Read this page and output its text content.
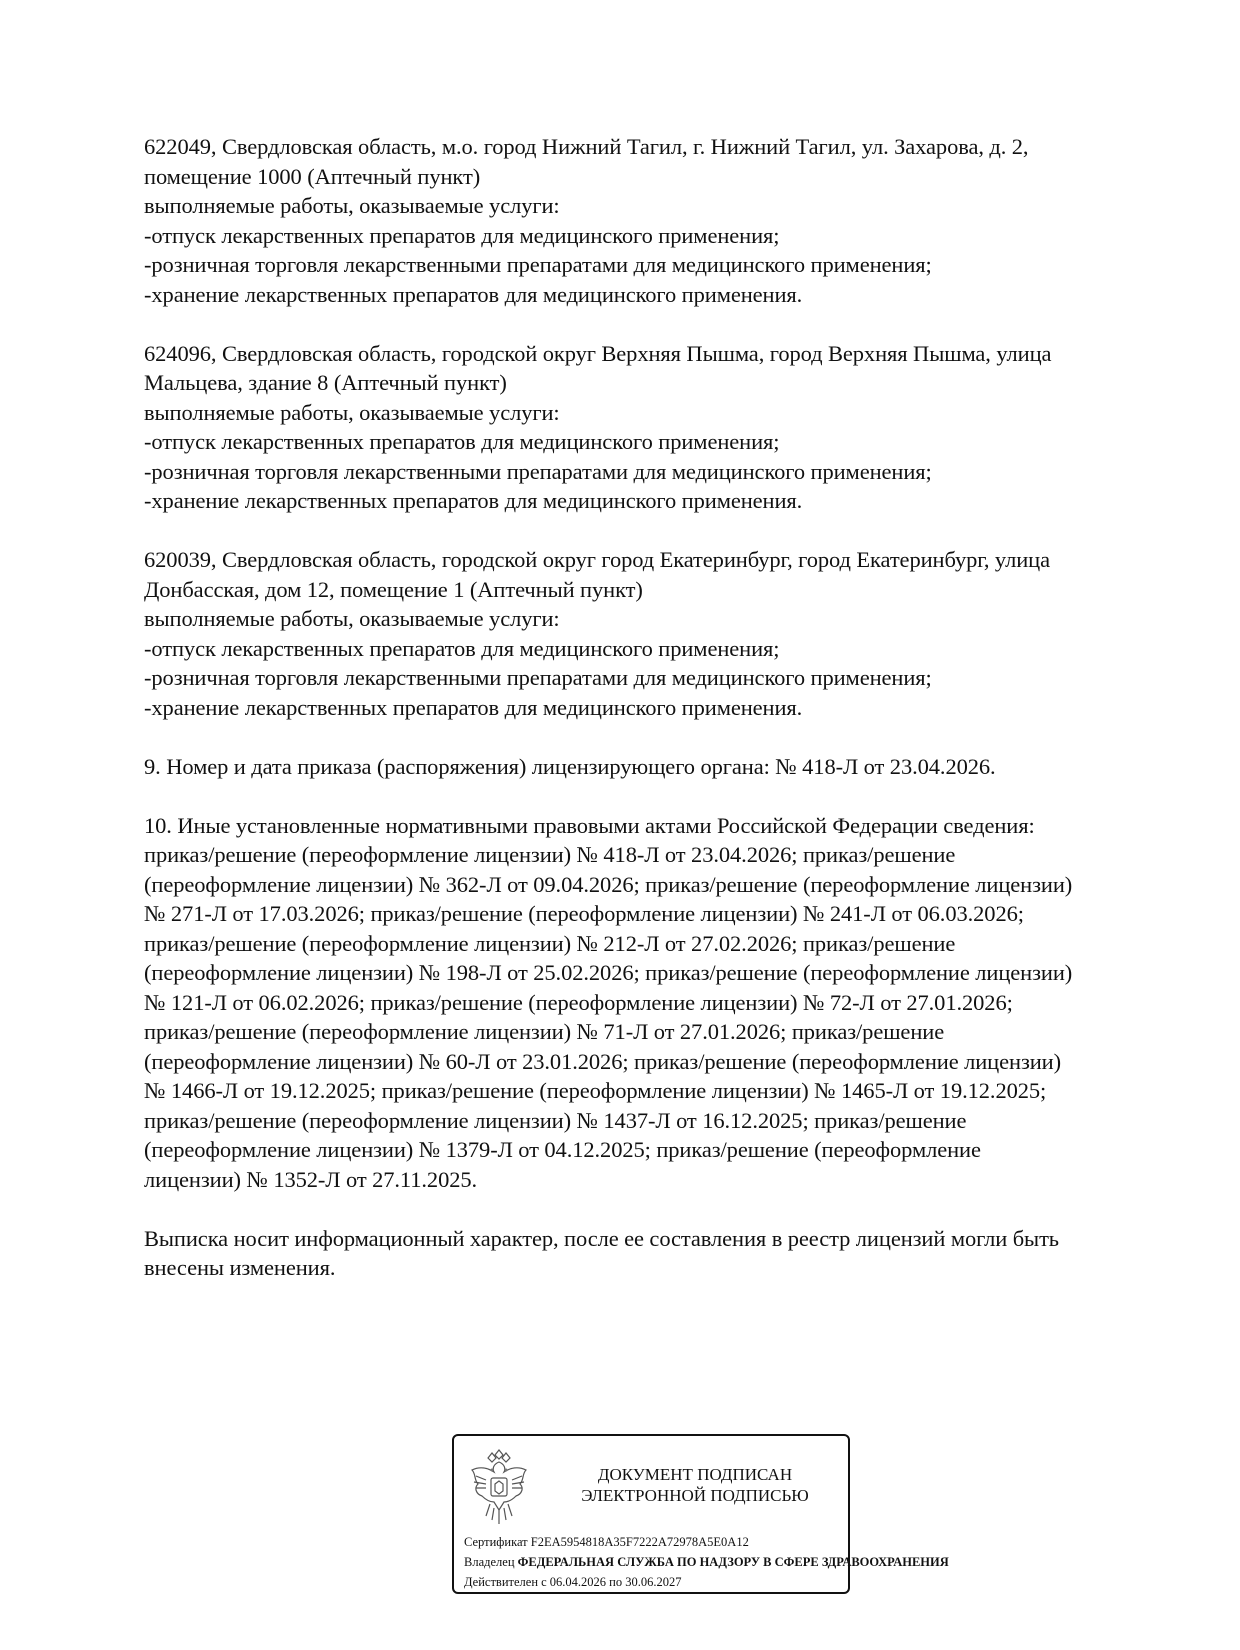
622049, Свердловская область, м.о. город Нижний Тагил, г. Нижний Тагил, ул. Захарова, д. 2,
помещение 1000 (Аптечный пункт)
выполняемые работы, оказываемые услуги:
-отпуск лекарственных препаратов для медицинского применения;
-розничная торговля лекарственными препаратами для медицинского применения;
-хранение лекарственных препаратов для медицинского применения.
624096, Свердловская область, городской округ Верхняя Пышма, город Верхняя Пышма, улица
Мальцева, здание 8 (Аптечный пункт)
выполняемые работы, оказываемые услуги:
-отпуск лекарственных препаратов для медицинского применения;
-розничная торговля лекарственными препаратами для медицинского применения;
-хранение лекарственных препаратов для медицинского применения.
620039, Свердловская область, городской округ город Екатеринбург, город Екатеринбург, улица
Донбасская, дом 12, помещение 1 (Аптечный пункт)
выполняемые работы, оказываемые услуги:
-отпуск лекарственных препаратов для медицинского применения;
-розничная торговля лекарственными препаратами для медицинского применения;
-хранение лекарственных препаратов для медицинского применения.
9. Номер и дата приказа (распоряжения) лицензирующего органа: № 418-Л от 23.04.2026.
10. Иные установленные нормативными правовыми актами Российской Федерации сведения:
приказ/решение (переоформление лицензии) № 418-Л от 23.04.2026; приказ/решение
(переоформление лицензии) № 362-Л от 09.04.2026; приказ/решение (переоформление лицензии)
№ 271-Л от 17.03.2026; приказ/решение (переоформление лицензии) № 241-Л от 06.03.2026;
приказ/решение (переоформление лицензии) № 212-Л от 27.02.2026; приказ/решение
(переоформление лицензии) № 198-Л от 25.02.2026; приказ/решение (переоформление лицензии)
№ 121-Л от 06.02.2026; приказ/решение (переоформление лицензии) № 72-Л от 27.01.2026;
приказ/решение (переоформление лицензии) № 71-Л от 27.01.2026; приказ/решение
(переоформление лицензии) № 60-Л от 23.01.2026; приказ/решение (переоформление лицензии)
№ 1466-Л от 19.12.2025; приказ/решение (переоформление лицензии) № 1465-Л от 19.12.2025;
приказ/решение (переоформление лицензии) № 1437-Л от 16.12.2025; приказ/решение
(переоформление лицензии) № 1379-Л от 04.12.2025; приказ/решение (переоформление
лицензии) № 1352-Л от 27.11.2025.
Выписка носит информационный характер, после ее составления в реестр лицензий могли быть
внесены изменения.
ДОКУМЕНТ ПОДПИСАН
ЭЛЕКТРОННОЙ ПОДПИСЬЮ
Сертификат F2EA5954818A35F7222A72978A5E0A12
Владелец ФЕДЕРАЛЬНАЯ СЛУЖБА ПО НАДЗОРУ В СФЕРЕ ЗДРАВООХРАНЕНИЯ
Действителен с 06.04.2026 по 30.06.2027
